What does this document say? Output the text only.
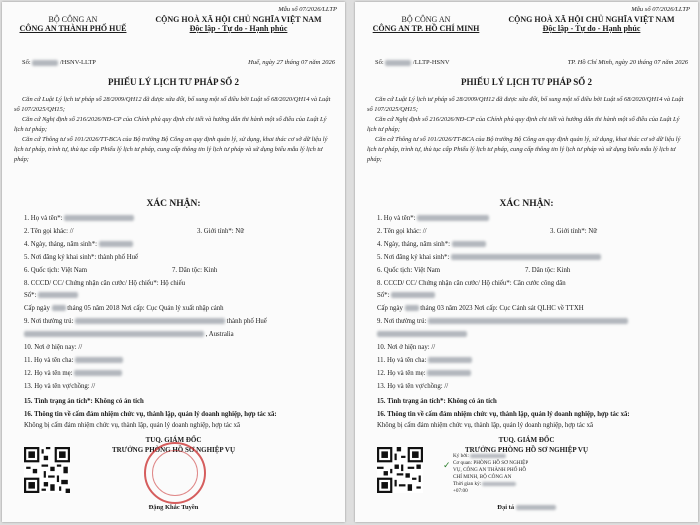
Mẫu số 07/2026/LLTP
BỘ CÔNG AN
CÔNG AN THÀNH PHỐ HUẾ
CỘNG HOÀ XÃ HỘI CHỦ NGHĨA VIỆT NAM
Độc lập - Tự do - Hạnh phúc
Số:	/HSNV-LLTP	Huế, ngày 27 tháng 07 năm 2026
PHIẾU LÝ LỊCH TƯ PHÁP SỐ 2

Căn cứ Luật Lý lịch tư pháp số 28/2009/QH12 đã được sửa đổi, bổ sung một số điều bởi Luật số 68/2020/QH14 và Luật số 107/2025/QH15;

Căn cứ Nghị định số 216/2026/NĐ-CP của Chính phủ quy định chi tiết và hướng dẫn thi hành một số điều của Luật Lý lịch tư pháp;

Căn cứ Thông tư số 101/2026/TT-BCA của Bộ trưởng Bộ Công an quy định quản lý, sử dụng, khai thác cơ sở dữ liệu lý lịch tư pháp, trình tự, thủ tục cấp Phiếu lý lịch tư pháp, cung cấp thông tin lý lịch tư pháp và sử dụng biểu mẫu lý lịch tư pháp;

XÁC NHẬN:
1. Họ và tên*:
2. Tên gọi khác: //	3. Giới tính*: Nữ
4. Ngày, tháng, năm sinh*:
5. Nơi đăng ký khai sinh*: thành phố Huế
6. Quốc tịch: Việt Nam	7. Dân tộc: Kinh
8. CCCD/ CC/ Chứng nhận căn cước/ Hộ chiếu*: Hộ chiếu
Số*:
Cấp ngày	tháng 05 năm 2018 Nơi cấp: Cục Quản lý xuất nhập cảnh
9. Nơi thường trú:	thành phố Huế
, Australia
10. Nơi ở hiện nay: //
11. Họ và tên cha:
12. Họ và tên mẹ:
13. Họ và tên vợ/chồng: //
15. Tình trạng án tích*: Không có án tích
16. Thông tin về cấm đảm nhiệm chức vụ, thành lập, quản lý doanh nghiệp, hợp tác xã:
Không bị cấm đảm nhiệm chức vụ, thành lập, quản lý doanh nghiệp, hợp tác xã
TUQ. GIÁM ĐỐC
TRƯỞNG PHÒNG HỒ SƠ NGHIỆP VỤ
Đặng Khắc Tuyền
Mẫu số 07/2026/LLTP
BỘ CÔNG AN
CÔNG AN TP. HỒ CHÍ MINH
CỘNG HOÀ XÃ HỘI CHỦ NGHĨA VIỆT NAM
Độc lập - Tự do - Hạnh phúc
Số:	/LLTP-HSNV	TP. Hồ Chí Minh, ngày 20 tháng 07 năm 2026
PHIẾU LÝ LỊCH TƯ PHÁP SỐ 2

Căn cứ Luật Lý lịch tư pháp số 28/2009/QH12 đã được sửa đổi, bổ sung một số điều bởi Luật số 68/2020/QH14 và Luật số 107/2025/QH15;

Căn cứ Nghị định số 216/2026/NĐ-CP của Chính phủ quy định chi tiết và hướng dẫn thi hành một số điều của Luật Lý lịch tư pháp;

Căn cứ Thông tư số 101/2026/TT-BCA của Bộ trưởng Bộ Công an quy định quản lý, sử dụng, khai thác cơ sở dữ liệu lý lịch tư pháp, trình tự, thủ tục cấp Phiếu lý lịch tư pháp, cung cấp thông tin lý lịch tư pháp và sử dụng biểu mẫu lý lịch tư pháp;

XÁC NHẬN:
1. Họ và tên*:
2. Tên gọi khác: //	3. Giới tính*: Nữ
4. Ngày, tháng, năm sinh*:
5. Nơi đăng ký khai sinh*:
6. Quốc tịch: Việt Nam	7. Dân tộc: Kinh
8. CCCD/ CC/ Chứng nhận căn cước/ Hộ chiếu*: Căn cước công dân
Số*:
Cấp ngày	tháng 03 năm 2023 Nơi cấp: Cục Cảnh sát QLHC về TTXH
9. Nơi thường trú:
10. Nơi ở hiện nay: //
11. Họ và tên cha:
12. Họ và tên mẹ:
13. Họ và tên vợ/chồng: //
15. Tình trạng án tích*: Không có án tích
16. Thông tin về cấm đảm nhiệm chức vụ, thành lập, quản lý doanh nghiệp, hợp tác xã:
Không bị cấm đảm nhiệm chức vụ, thành lập, quản lý doanh nghiệp, hợp tác xã
TUQ. GIÁM ĐỐC
TRƯỞNG PHÒNG HỒ SƠ NGHIỆP VỤ
✓
Ký bởi:
Cơ quan: PHÒNG HỒ SƠ NGHIỆP
VỤ, CÔNG AN THÀNH PHỐ HỒ
CHÍ MINH, BỘ CÔNG AN
Thời gian ký:
+07:00
Đại tá
